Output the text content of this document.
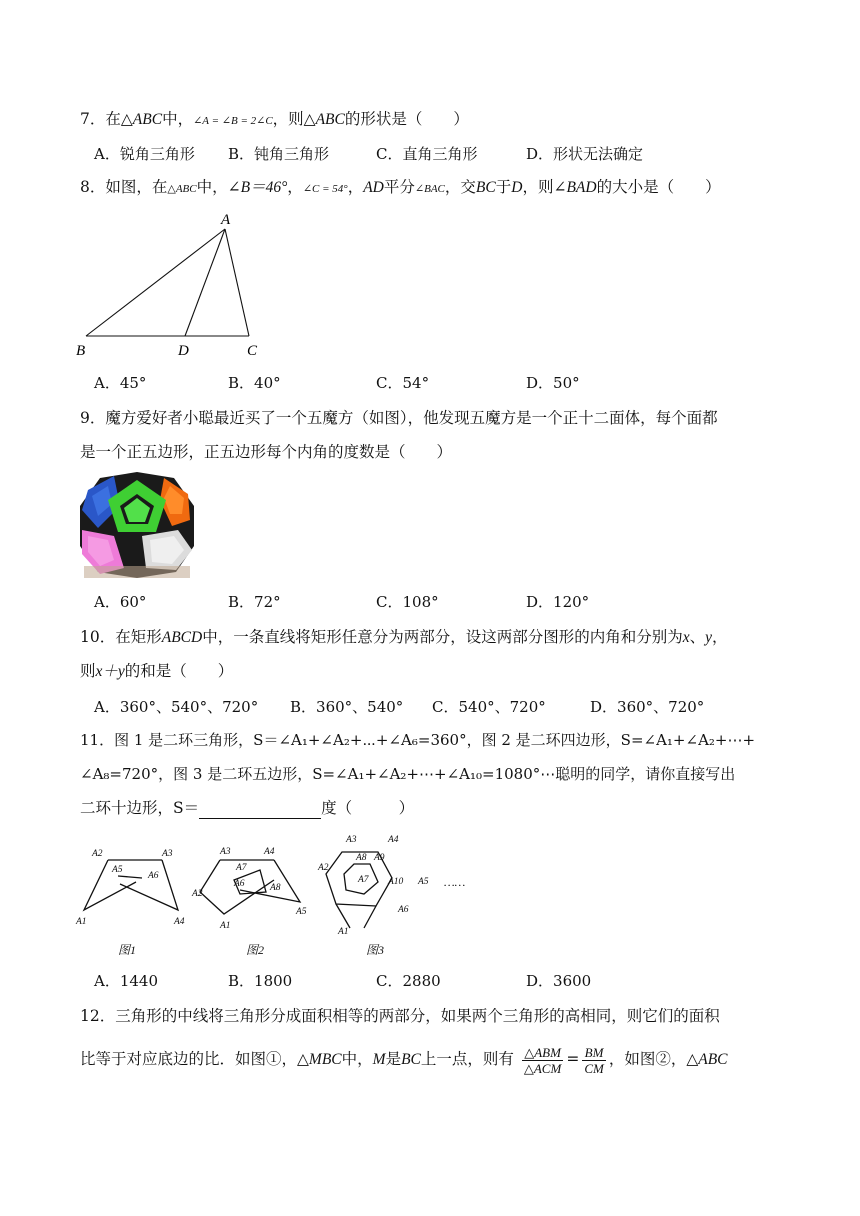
7．在△ABC中，∠A = ∠B = 2∠C，则△ABC的形状是（　　）
A．锐角三角形 B．钝角三角形	C．直角三角形	D．形状无法确定
8．如图，在△ABC中，∠B＝46°，∠C = 54°，AD平分∠BAC，交BC于D，则∠BAD的大小是（　　）
A
B	D	C
A．45°	B．40°	C．54°	D．50°
9．魔方爱好者小聪最近买了一个五魔方（如图），他发现五魔方是一个正十二面体，每个面都
是一个正五边形，正五边形每个内角的度数是（　　）
A．60°	B．72°	C．108°	D．120°
10．在矩形ABCD中，一条直线将矩形任意分为两部分，设这两部分图形的内角和分别为x、y，
则x＋y的和是（　　）
A．360°、540°、720° B．360°、540° C．540°、720°	D．360°、720°
11．图 1 是二环三角形，S＝∠A₁+∠A₂+⋯+∠A₆=360°，图 2 是二环四边形，S=∠A₁+∠A₂+⋯+
∠A₈=720°，图 3 是二环五边形，S=∠A₁+∠A₂+⋯+∠A₁₀=1080°⋯聪明的同学，请你直接写出
二环十边形，S＝	度（　　　）
A2	A3
A5
A6
A1	A4
A3	A4
A7
A6	A8
A2
A5
A1
A3	A4
A8 A9
A2
A7 A10 A5
A6
A1
……
图1	图2	图3
A．1440	B．1800	C．2880	D．3600
12．三角形的中线将三角形分成面积相等的两部分，如果两个三角形的高相同，则它们的面积
比等于对应底边的比．如图①，△MBC中，M是BC上一点，则有 $\frac{\text{△ABM}}{\text{△ACM}} = \frac{BM}{CM}$ ，如图②，△ABC
